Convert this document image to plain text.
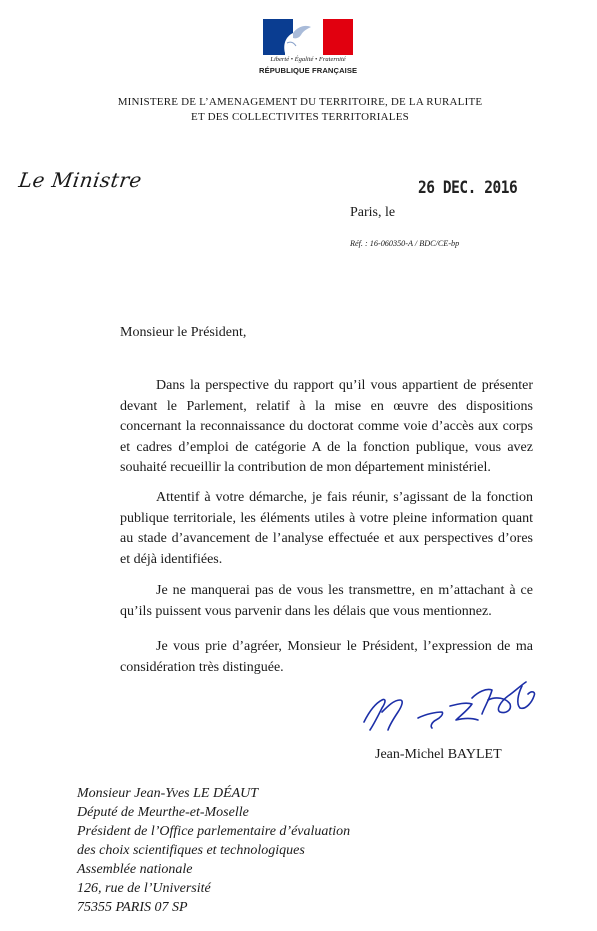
Liberté • Égalité • Fraternité
RÉPUBLIQUE FRANÇAISE
MINISTERE DE L’AMENAGEMENT DU TERRITOIRE, DE LA RURALITE
ET DES COLLECTIVITES TERRITORIALES
Le Ministre	26 DEC. 2016
Paris, le
Réf. : 16-060350-A / BDC/CE-bp
Monsieur le Président,

Dans la perspective du rapport qu’il vous appartient de présenter devant le Parlement, relatif à la mise en œuvre des dispositions concernant la reconnaissance du doctorat comme voie d’accès aux corps et cadres d’emploi de catégorie A de la fonction publique, vous avez souhaité recueillir la contribution de mon département ministériel.

Attentif à votre démarche, je fais réunir, s’agissant de la fonction publique territoriale, les éléments utiles à votre pleine information quant au stade d’avancement de l’analyse effectuée et aux perspectives d’ores et déjà identifiées.

Je ne manquerai pas de vous les transmettre, en m’attachant à ce qu’ils puissent vous parvenir dans les délais que vous mentionnez.

Je vous prie d’agréer, Monsieur le Président, l’expression de ma considération très distinguée.

Jean-Michel BAYLET
Monsieur Jean-Yves LE DÉAUT
Député de Meurthe-et-Moselle
Président de l’Office parlementaire d’évaluation
des choix scientifiques et technologiques
Assemblée nationale
126, rue de l’Université
75355 PARIS 07 SP
